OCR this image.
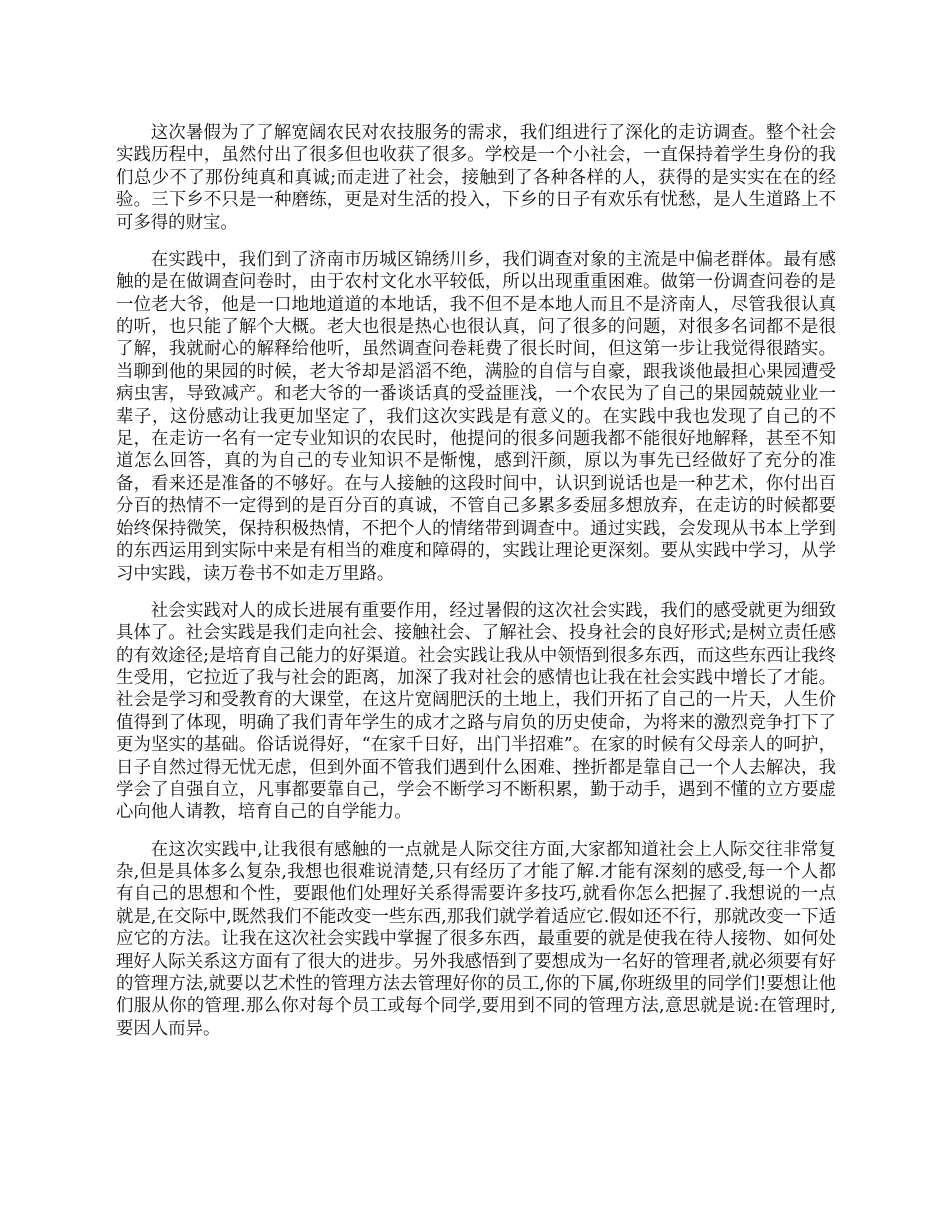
这次暑假为了了解宽阔农民对农技服务的需求，我们组进行了深化的走访调查。整个社会实践历程中，虽然付出了很多但也收获了很多。学校是一个小社会，一直保持着学生身份的我们总少不了那份纯真和真诚;而走进了社会，接触到了各种各样的人，获得的是实实在在的经验。三下乡不只是一种磨练，更是对生活的投入，下乡的日子有欢乐有忧愁，是人生道路上不可多得的财宝。

在实践中，我们到了济南市历城区锦绣川乡，我们调查对象的主流是中偏老群体。最有感触的是在做调查问卷时，由于农村文化水平较低，所以出现重重困难。做第一份调查问卷的是一位老大爷，他是一口地地道道的本地话，我不但不是本地人而且不是济南人，尽管我很认真的听，也只能了解个大概。老大也很是热心也很认真，问了很多的问题，对很多名词都不是很了解，我就耐心的解释给他听，虽然调查问卷耗费了很长时间，但这第一步让我觉得很踏实。当聊到他的果园的时候，老大爷却是滔滔不绝，满脸的自信与自豪，跟我谈他最担心果园遭受病虫害，导致减产。和老大爷的一番谈话真的受益匪浅，一个农民为了自己的果园兢兢业业一辈子，这份感动让我更加坚定了，我们这次实践是有意义的。在实践中我也发现了自己的不足，在走访一名有一定专业知识的农民时，他提问的很多问题我都不能很好地解释，甚至不知道怎么回答，真的为自己的专业知识不是惭愧，感到汗颜，原以为事先已经做好了充分的准备，看来还是准备的不够好。在与人接触的这段时间中，认识到说话也是一种艺术，你付出百分百的热情不一定得到的是百分百的真诚，不管自己多累多委屈多想放弃，在走访的时候都要始终保持微笑，保持积极热情，不把个人的情绪带到调查中。通过实践，会发现从书本上学到的东西运用到实际中来是有相当的难度和障碍的，实践让理论更深刻。要从实践中学习，从学习中实践，读万卷书不如走万里路。

社会实践对人的成长进展有重要作用，经过暑假的这次社会实践，我们的感受就更为细致具体了。社会实践是我们走向社会、接触社会、了解社会、投身社会的良好形式;是树立责任感的有效途径;是培育自己能力的好渠道。社会实践让我从中领悟到很多东西，而这些东西让我终生受用，它拉近了我与社会的距离，加深了我对社会的感情也让我在社会实践中增长了才能。社会是学习和受教育的大课堂，在这片宽阔肥沃的土地上，我们开拓了自己的一片天，人生价值得到了体现，明确了我们青年学生的成才之路与肩负的历史使命，为将来的激烈竞争打下了更为坚实的基础。俗话说得好，“在家千日好，出门半招难”。在家的时候有父母亲人的呵护，日子自然过得无忧无虑，但到外面不管我们遇到什么困难、挫折都是靠自己一个人去解决，我学会了自强自立，凡事都要靠自己，学会不断学习不断积累，勤于动手，遇到不懂的立方要虚心向他人请教，培育自己的自学能力。

在这次实践中,让我很有感触的一点就是人际交往方面,大家都知道社会上人际交往非常复杂,但是具体多么复杂,我想也很难说清楚,只有经历了才能了解.才能有深刻的感受,每一个人都有自己的思想和个性，要跟他们处理好关系得需要许多技巧,就看你怎么把握了.我想说的一点就是,在交际中,既然我们不能改变一些东西,那我们就学着适应它.假如还不行，那就改变一下适应它的方法。让我在这次社会实践中掌握了很多东西，最重要的就是使我在待人接物、如何处理好人际关系这方面有了很大的进步。另外我感悟到了要想成为一名好的管理者,就必须要有好的管理方法,就要以艺术性的管理方法去管理好你的员工,你的下属,你班级里的同学们!要想让他们服从你的管理.那么你对每个员工或每个同学,要用到不同的管理方法,意思就是说:在管理时,要因人而异。
